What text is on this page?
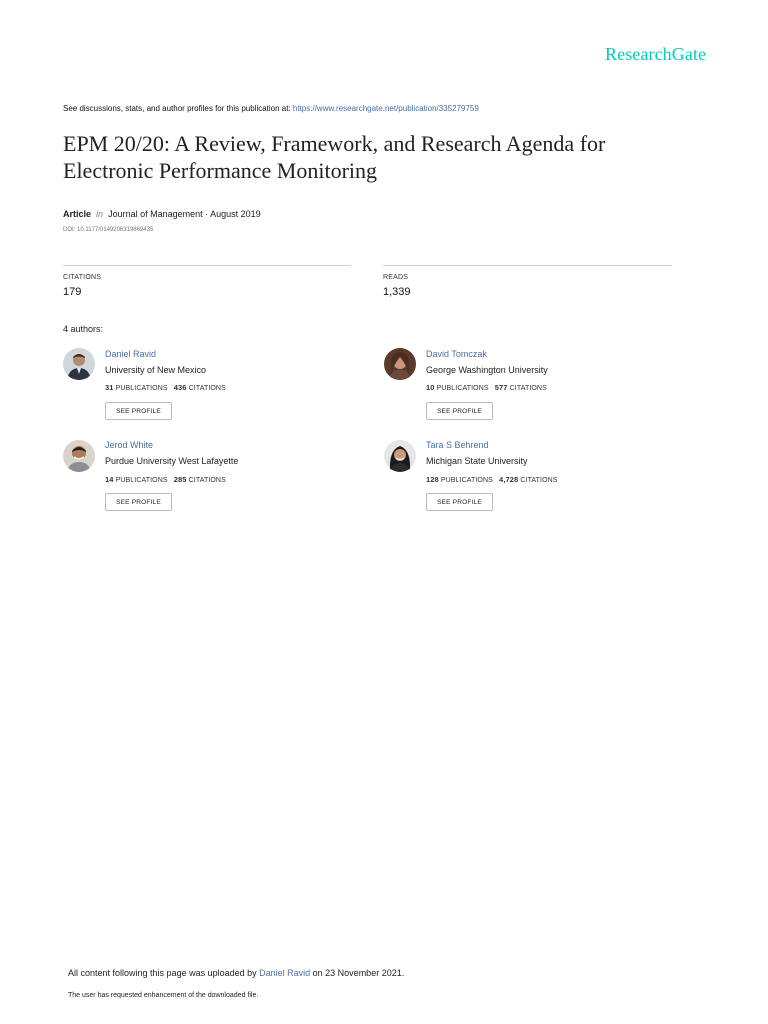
ResearchGate
See discussions, stats, and author profiles for this publication at: https://www.researchgate.net/publication/335279759
EPM 20/20: A Review, Framework, and Research Agenda for
Electronic Performance Monitoring
Article in Journal of Management · August 2019
DOI: 10.1177/0149206319869435
CITATIONS
179
READS
1,339
4 authors:
Daniel Ravid
University of New Mexico
31 PUBLICATIONS 436 CITATIONS
SEE PROFILE
David Tomczak
George Washington University
10 PUBLICATIONS 577 CITATIONS
SEE PROFILE
Jerod White
Purdue University West Lafayette
14 PUBLICATIONS 285 CITATIONS
SEE PROFILE
Tara S Behrend
Michigan State University
128 PUBLICATIONS 4,728 CITATIONS
SEE PROFILE
All content following this page was uploaded by Daniel Ravid on 23 November 2021.
The user has requested enhancement of the downloaded file.
